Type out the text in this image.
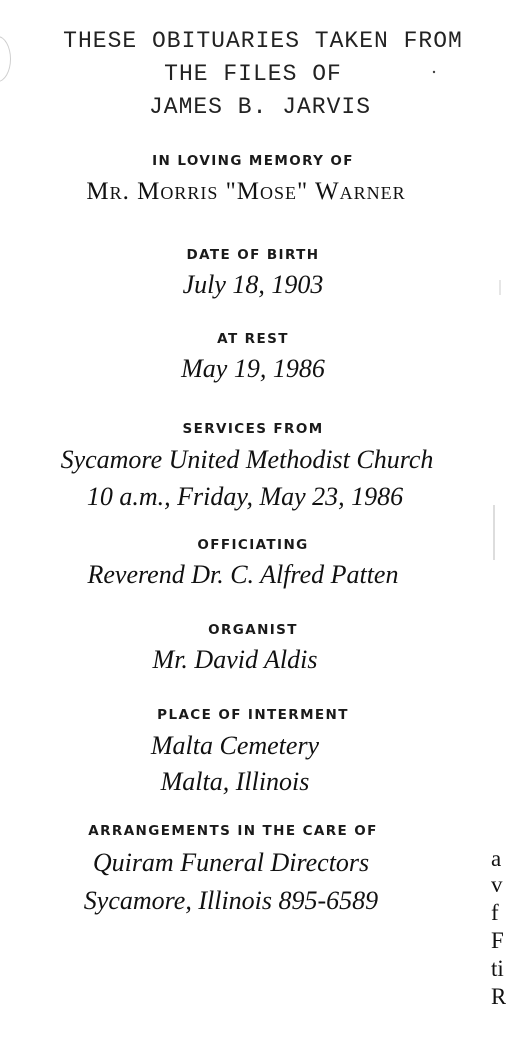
THESE OBITUARIES TAKEN FROM
THE FILES OF
JAMES B. JARVIS
IN LOVING MEMORY OF
Mr. Morris "Mose" Warner
DATE OF BIRTH
July 18, 1903
AT REST
May 19, 1986
SERVICES FROM
Sycamore United Methodist Church
10 a.m., Friday, May 23, 1986
OFFICIATING
Reverend Dr. C. Alfred Patten
ORGANIST
Mr. David Aldis
PLACE OF INTERMENT
Malta Cemetery
Malta, Illinois
ARRANGEMENTS IN THE CARE OF
Quiram Funeral Directors
Sycamore, Illinois 895-6589
a
v
f
F
ti
R
